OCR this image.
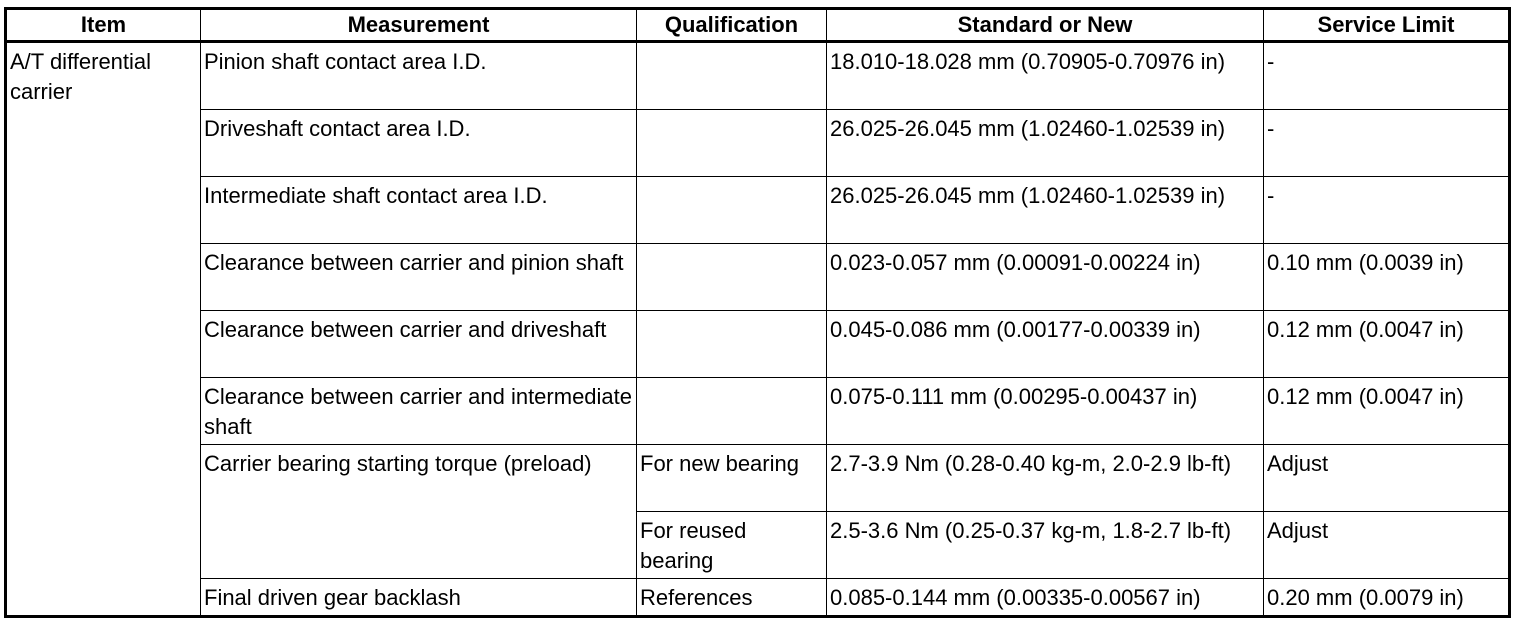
Item	Measurement	Qualification	Standard or New	Service Limit
A/T differential carrier	Pinion shaft contact area I.D.		18.010-18.028 mm (0.70905-0.70976 in)	-
	Driveshaft contact area I.D.		26.025-26.045 mm (1.02460-1.02539 in)	-
	Intermediate shaft contact area I.D.		26.025-26.045 mm (1.02460-1.02539 in)	-
	Clearance between carrier and pinion shaft		0.023-0.057 mm (0.00091-0.00224 in)	0.10 mm (0.0039 in)
	Clearance between carrier and driveshaft		0.045-0.086 mm (0.00177-0.00339 in)	0.12 mm (0.0047 in)
	Clearance between carrier and intermediate shaft		0.075-0.111 mm (0.00295-0.00437 in)	0.12 mm (0.0047 in)
	Carrier bearing starting torque (preload)	For new bearing	2.7-3.9 Nm (0.28-0.40 kg-m, 2.0-2.9 lb-ft)	Adjust
		For reused bearing	2.5-3.6 Nm (0.25-0.37 kg-m, 1.8-2.7 lb-ft)	Adjust
	Final driven gear backlash	References	0.085-0.144 mm (0.00335-0.00567 in)	0.20 mm (0.0079 in)
